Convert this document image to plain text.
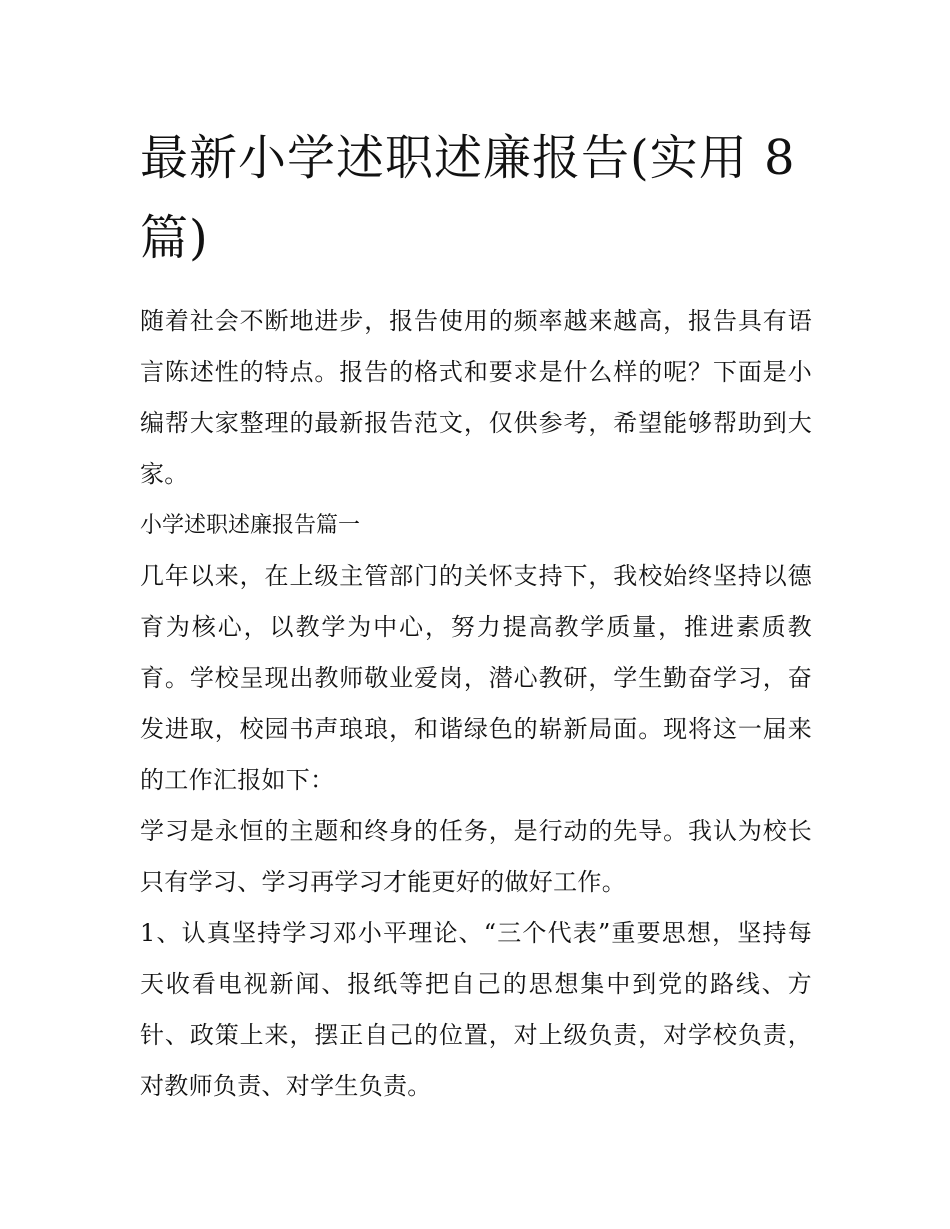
最新小学述职述廉报告(实用 8 篇)

随着社会不断地进步，报告使用的频率越来越高，报告具有语言陈述性的特点。报告的格式和要求是什么样的呢？下面是小编帮大家整理的最新报告范文，仅供参考，希望能够帮助到大家。

小学述职述廉报告篇一

几年以来，在上级主管部门的关怀支持下，我校始终坚持以德育为核心，以教学为中心，努力提高教学质量，推进素质教育。学校呈现出教师敬业爱岗，潜心教研，学生勤奋学习，奋发进取，校园书声琅琅，和谐绿色的崭新局面。现将这一届来的工作汇报如下：

学习是永恒的主题和终身的任务，是行动的先导。我认为校长只有学习、学习再学习才能更好的做好工作。

1、认真坚持学习邓小平理论、“三个代表”重要思想，坚持每天收看电视新闻、报纸等把自己的思想集中到党的路线、方针、政策上来，摆正自己的位置，对上级负责，对学校负责，对教师负责、对学生负责。
